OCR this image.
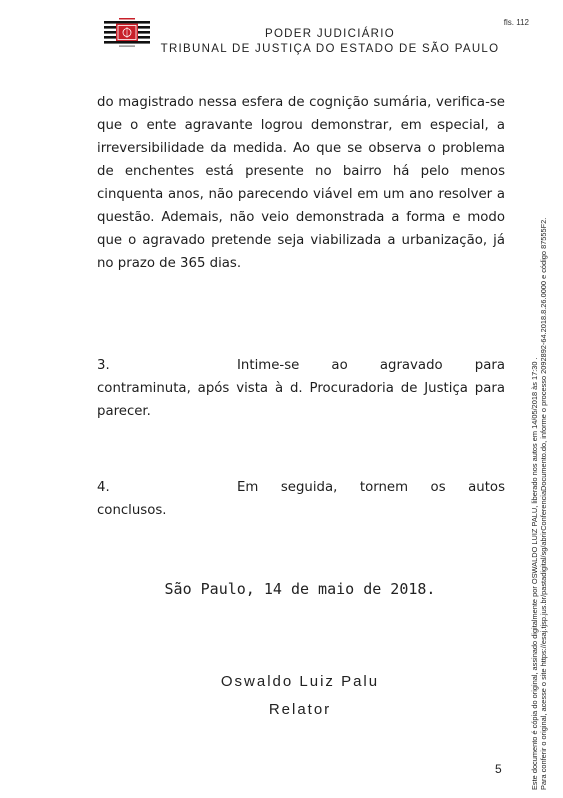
fls. 112
PODER JUDICIÁRIO
TRIBUNAL DE JUSTIÇA DO ESTADO DE SÃO PAULO
do magistrado nessa esfera de cognição sumária, verifica-se que o ente agravante logrou demonstrar, em especial, a irreversibilidade da medida. Ao que se observa o problema de enchentes está presente no bairro há pelo menos cinquenta anos, não parecendo viável em um ano resolver a questão. Ademais, não veio demonstrada a forma e modo que o agravado pretende seja viabilizada a urbanização, já no prazo de 365 dias.
3.	Intime-se ao agravado para contraminuta, após vista à d. Procuradoria de Justiça para parecer.
4.	Em seguida, tornem os autos conclusos.
São Paulo, 14 de maio de 2018.
Oswaldo Luiz Palu
Relator
5	Este documento é cópia do original, assinado digitalmente por OSWALDO LUIZ PALU, liberado nos autos em 14/05/2018 às 17:30 . Para conferir o original, acesse o site https://esaj.tjsp.jus.br/pastadigital/sg/abrirConferenciaDocumento.do, informe o processo 2092892-64.2018.8.26.0000 e código 87555F2.
